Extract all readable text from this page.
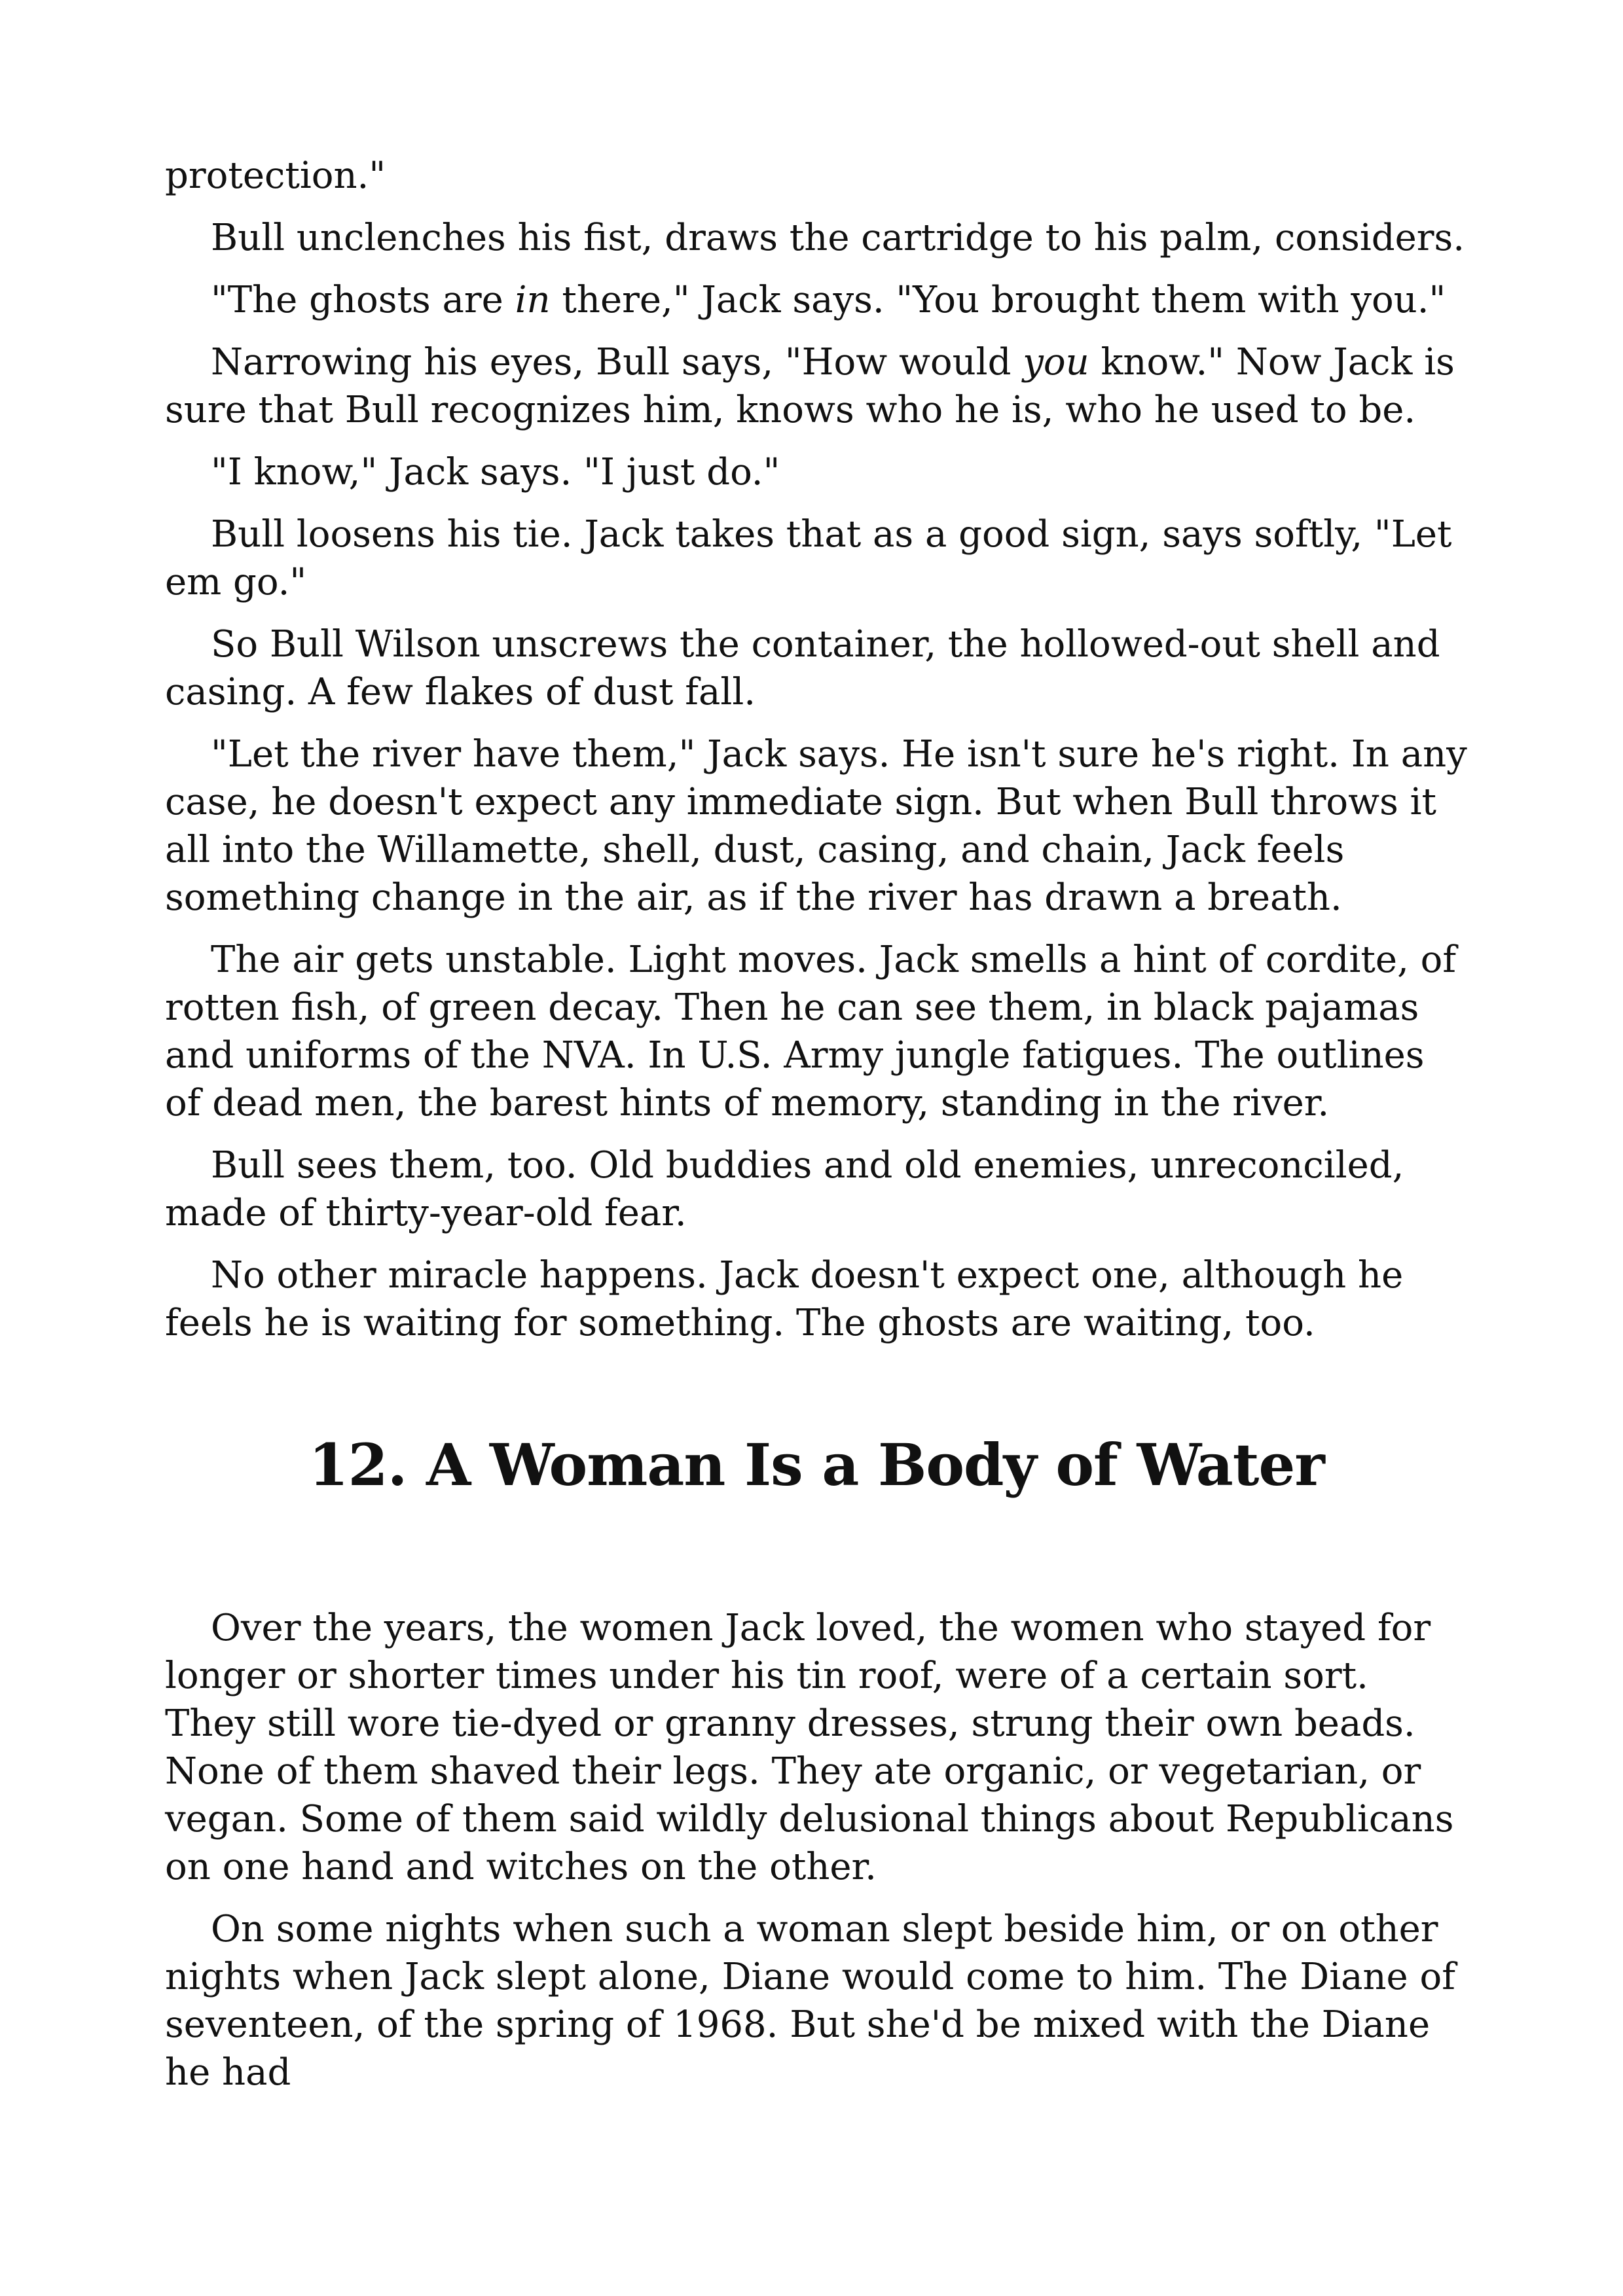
protection."

Bull unclenches his fist, draws the cartridge to his palm, considers.

"The ghosts are in there," Jack says. "You brought them with you."

Narrowing his eyes, Bull says, "How would you know." Now Jack is sure that Bull recognizes him, knows who he is, who he used to be.

"I know," Jack says. "I just do."

Bull loosens his tie. Jack takes that as a good sign, says softly, "Let em go."

So Bull Wilson unscrews the container, the hollowed-out shell and casing. A few flakes of dust fall.

"Let the river have them," Jack says. He isn't sure he's right. In any case, he doesn't expect any immediate sign. But when Bull throws it all into the Willamette, shell, dust, casing, and chain, Jack feels something change in the air, as if the river has drawn a breath.

The air gets unstable. Light moves. Jack smells a hint of cordite, of rotten fish, of green decay. Then he can see them, in black pajamas and uniforms of the NVA. In U.S. Army jungle fatigues. The outlines of dead men, the barest hints of memory, standing in the river.

Bull sees them, too. Old buddies and old enemies, unreconciled, made of thirty-year-old fear.

No other miracle happens. Jack doesn't expect one, although he feels he is waiting for something. The ghosts are waiting, too.

12. A Woman Is a Body of Water

Over the years, the women Jack loved, the women who stayed for longer or shorter times under his tin roof, were of a certain sort. They still wore tie-dyed or granny dresses, strung their own beads. None of them shaved their legs. They ate organic, or vegetarian, or vegan. Some of them said wildly delusional things about Republicans on one hand and witches on the other.

On some nights when such a woman slept beside him, or on other nights when Jack slept alone, Diane would come to him. The Diane of seventeen, of the spring of 1968. But she'd be mixed with the Diane he had
